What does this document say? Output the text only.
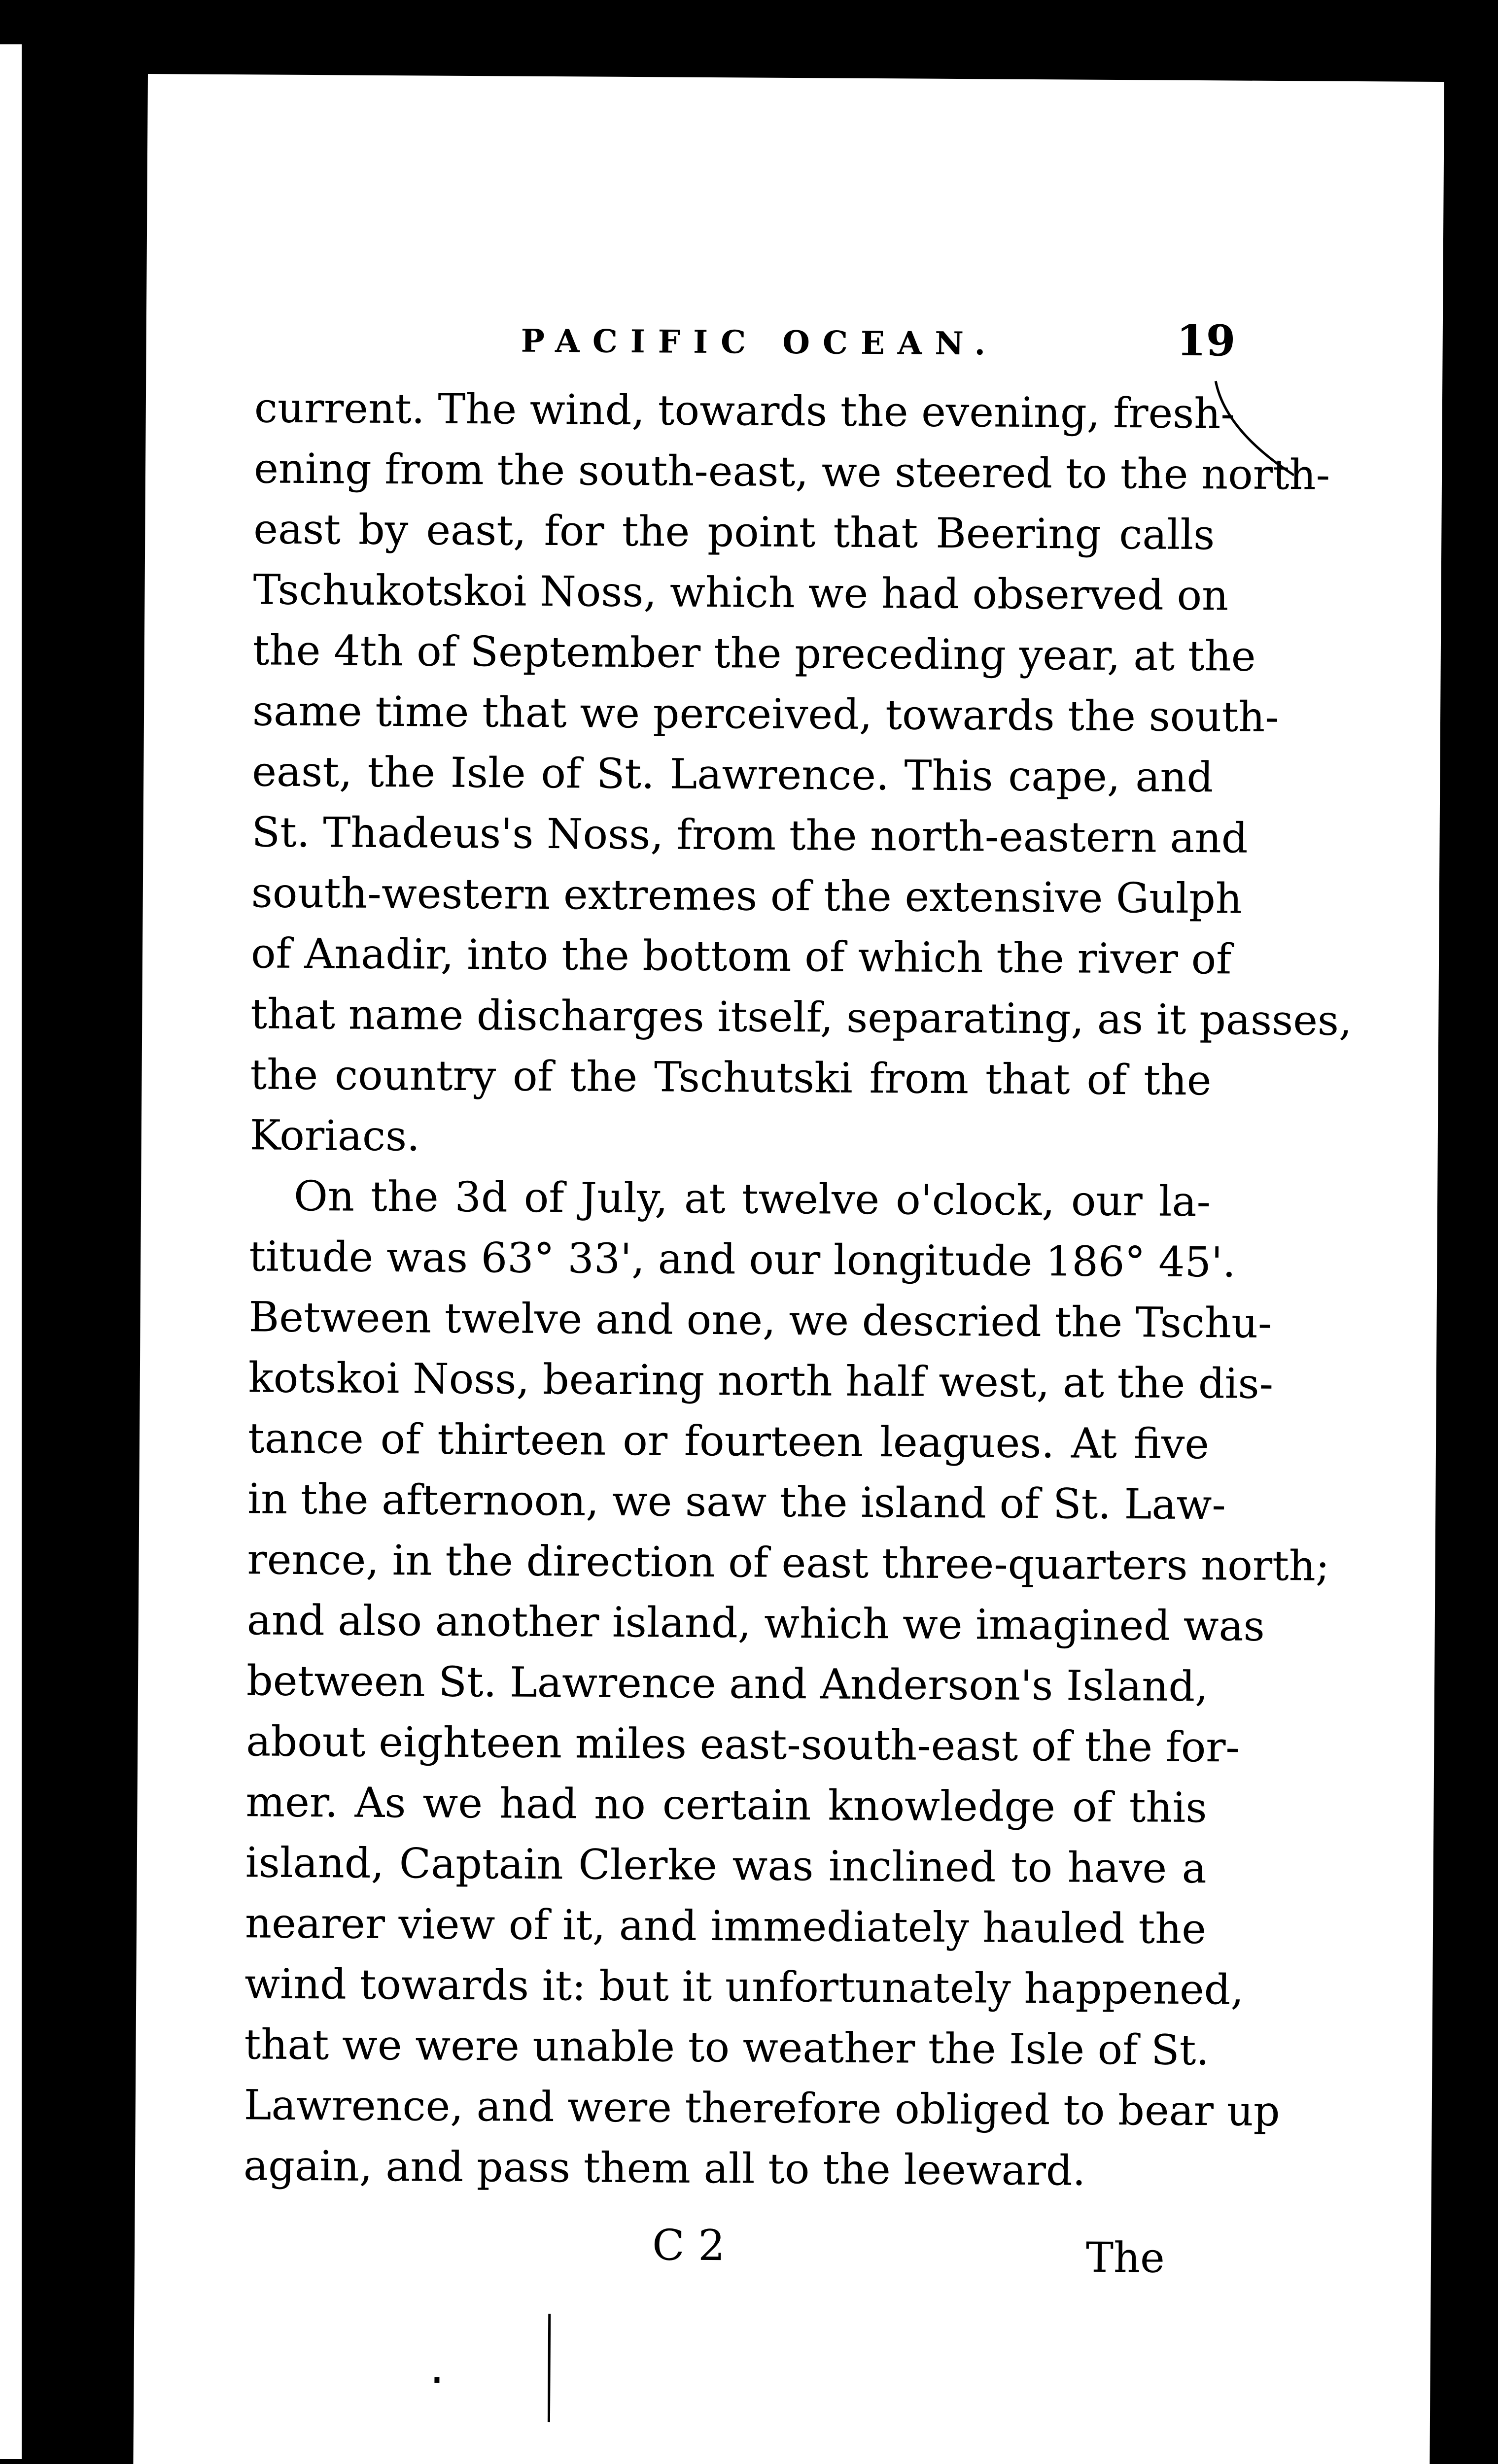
PACIFIC OCEAN.	19

current. The wind, towards the evening, fresh-
ening from the south-east, we steered to the north-
east by east, for the point that Beering calls
Tschukotskoi Noss, which we had observed on
the 4th of September the preceding year, at the
same time that we perceived, towards the south-
east, the Isle of St. Lawrence. This cape, and
St. Thadeus's Noss, from the north-eastern and
south-western extremes of the extensive Gulph
of Anadir, into the bottom of which the river of
that name discharges itself, separating, as it passes,
the country of the Tschutski from that of the
Koriacs.

On the 3d of July, at twelve o'clock, our la-
titude was 63° 33', and our longitude 186° 45'.
Between twelve and one, we descried the Tschu-
kotskoi Noss, bearing north half west, at the dis-
tance of thirteen or fourteen leagues. At five
in the afternoon, we saw the island of St. Law-
rence, in the direction of east three-quarters north;
and also another island, which we imagined was
between St. Lawrence and Anderson's Island,
about eighteen miles east-south-east of the for-
mer. As we had no certain knowledge of this
island, Captain Clerke was inclined to have a
nearer view of it, and immediately hauled the
wind towards it: but it unfortunately happened,
that we were unable to weather the Isle of St.
Lawrence, and were therefore obliged to bear up
again, and pass them all to the leeward.

C 2	The
